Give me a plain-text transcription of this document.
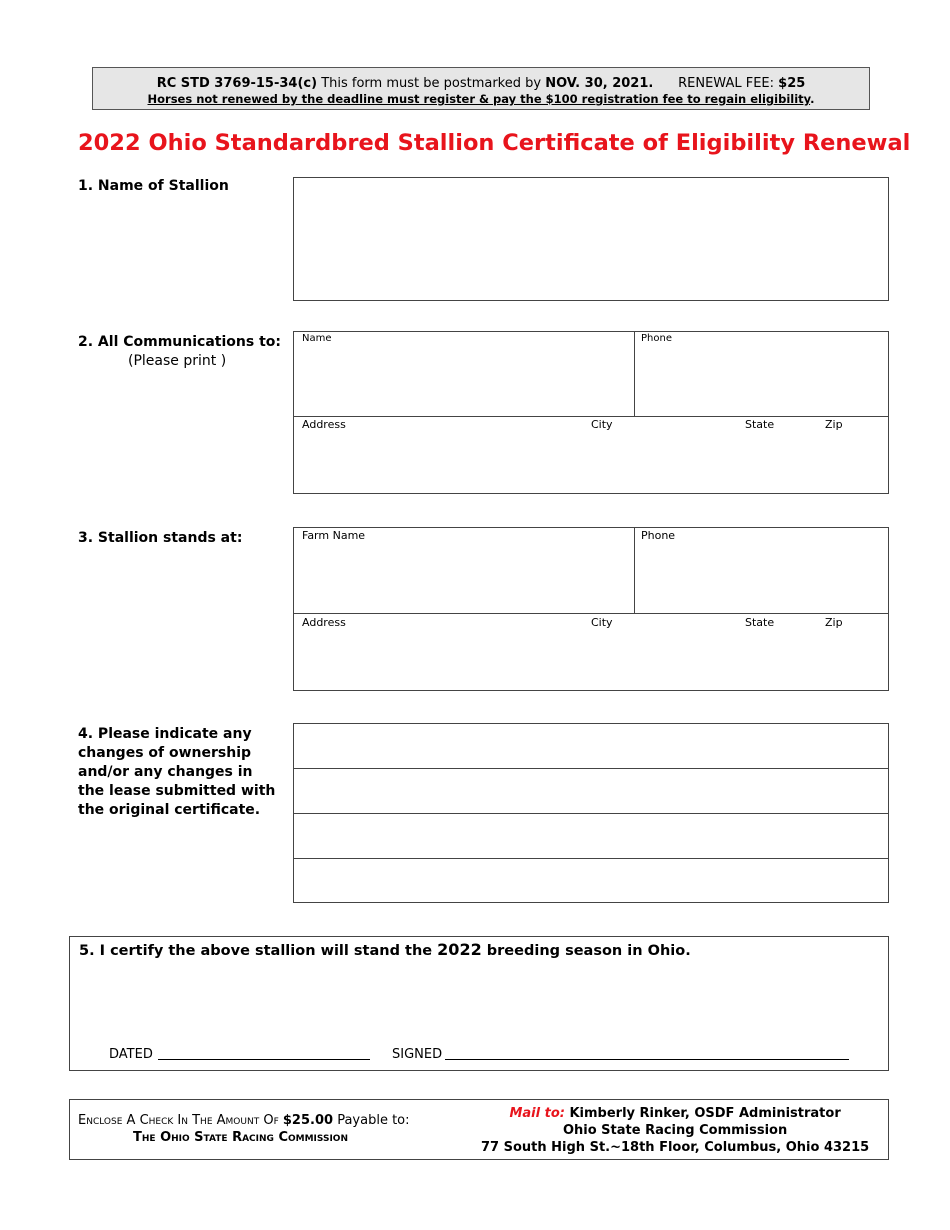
RC STD 3769-15-34(c) This form must be postmarked by NOV. 30, 2021. RENEWAL FEE: $25
Horses not renewed by the deadline must register & pay the $100 registration fee to regain eligibility.
2022 Ohio Standardbred Stallion Certificate of Eligibility Renewal
1. Name of Stallion
2. All Communications to:
(Please print )
Name	Phone
Address	City	State	Zip
3. Stallion stands at:	Farm Name	Phone
Address	City	State	Zip
4. Please indicate any changes of ownership and/or any changes in the lease submitted with the original certificate.
5. I certify the above stallion will stand the 2022 breeding season in Ohio.
DATED	SIGNED
Enclose A Check In The Amount Of $25.00 Payable to:
The Ohio State Racing Commission
Mail to: Kimberly Rinker, OSDF Administrator
Ohio State Racing Commission
77 South High St.~18th Floor, Columbus, Ohio 43215
